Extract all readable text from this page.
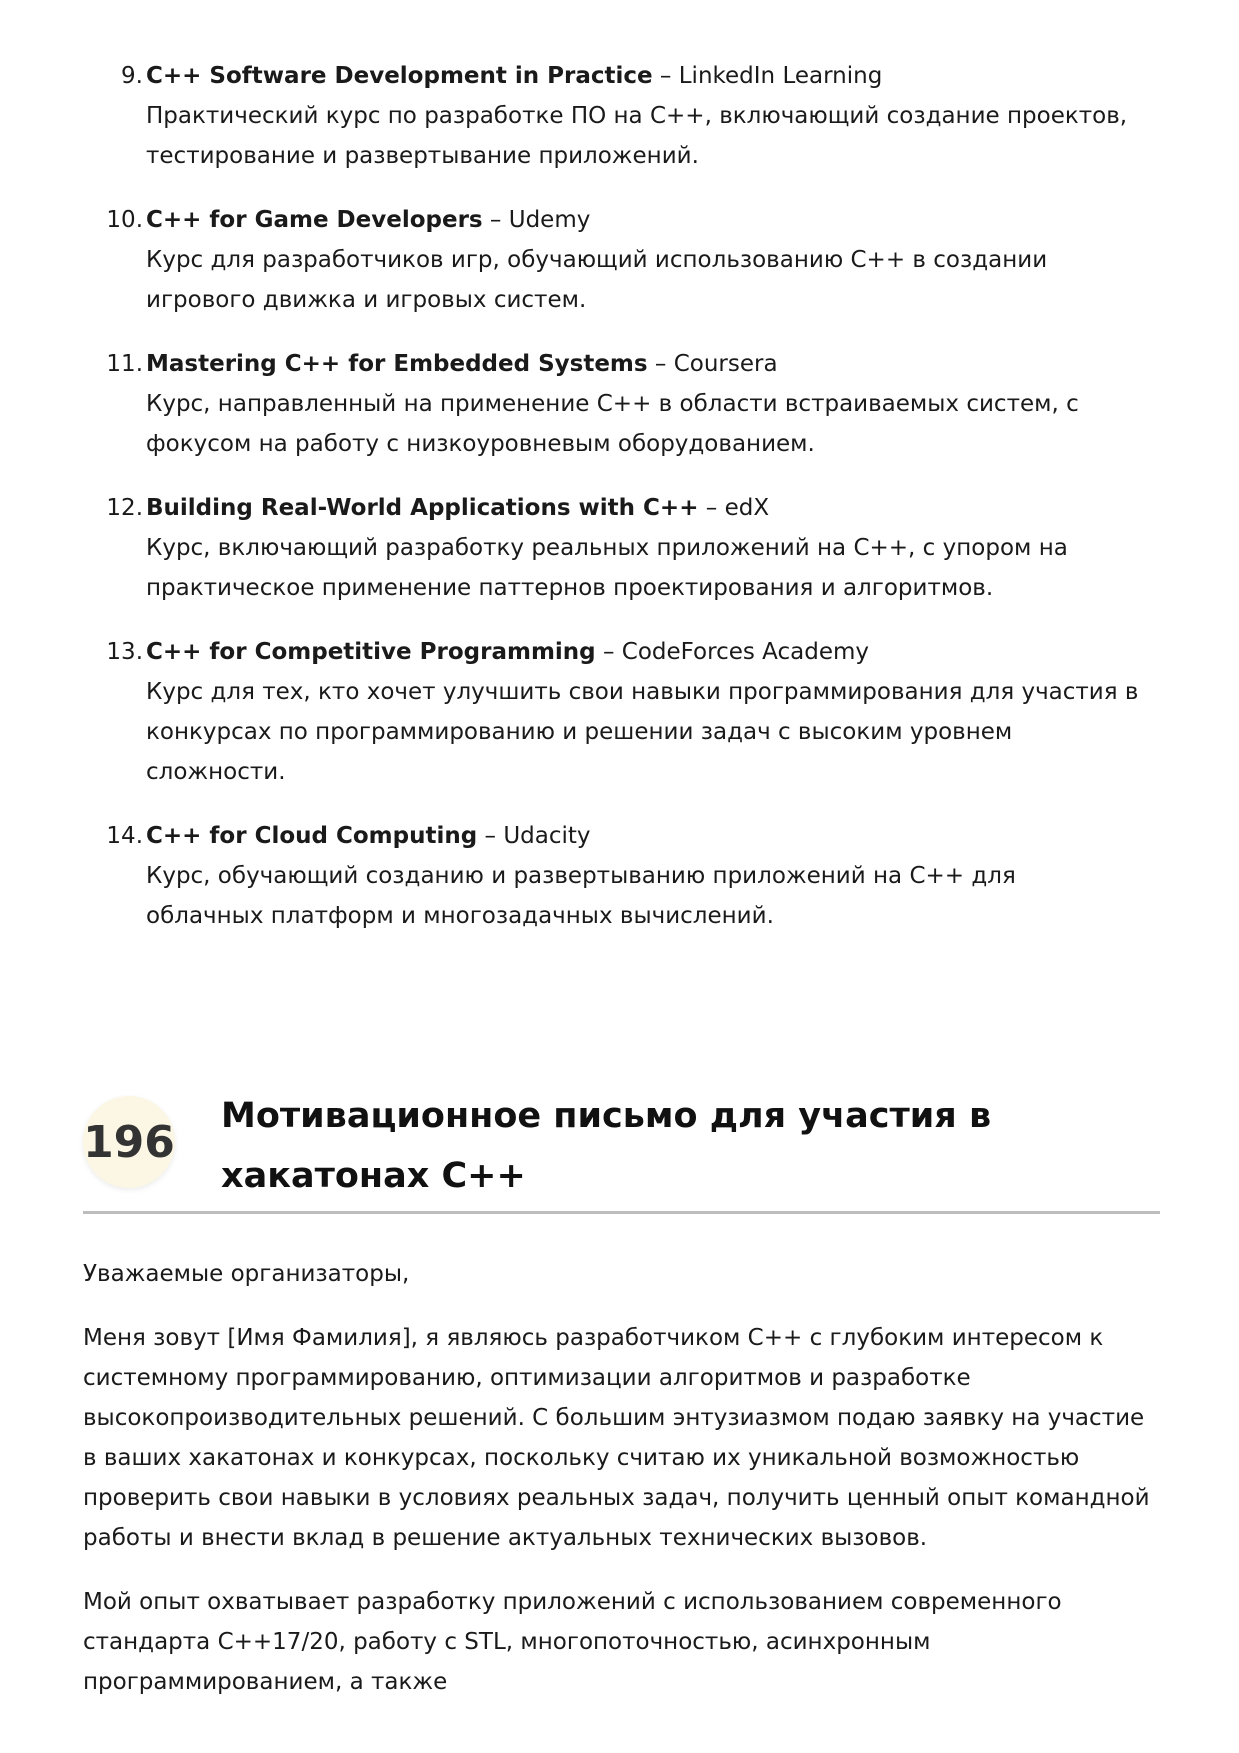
9. C++ Software Development in Practice – LinkedIn Learning
Практический курс по разработке ПО на C++, включающий создание проектов, тестирование и развертывание приложений.
10. C++ for Game Developers – Udemy
Курс для разработчиков игр, обучающий использованию C++ в создании игрового движка и игровых систем.
11. Mastering C++ for Embedded Systems – Coursera
Курс, направленный на применение C++ в области встраиваемых систем, с фокусом на работу с низкоуровневым оборудованием.
12. Building Real-World Applications with C++ – edX
Курс, включающий разработку реальных приложений на C++, с упором на практическое применение паттернов проектирования и алгоритмов.
13. C++ for Competitive Programming – CodeForces Academy
Курс для тех, кто хочет улучшить свои навыки программирования для участия в конкурсах по программированию и решении задач с высоким уровнем сложности.
14. C++ for Cloud Computing – Udacity
Курс, обучающий созданию и развертыванию приложений на C++ для облачных платформ и многозадачных вычислений.
196
Мотивационное письмо для участия в хакатонах C++

Уважаемые организаторы,

Меня зовут [Имя Фамилия], я являюсь разработчиком C++ с глубоким интересом к системному программированию, оптимизации алгоритмов и разработке высокопроизводительных решений. С большим энтузиазмом подаю заявку на участие в ваших хакатонах и конкурсах, поскольку считаю их уникальной возможностью проверить свои навыки в условиях реальных задач, получить ценный опыт командной работы и внести вклад в решение актуальных технических вызовов.

Мой опыт охватывает разработку приложений с использованием современного стандарта C++17/20, работу с STL, многопоточностью, асинхронным программированием, а также
